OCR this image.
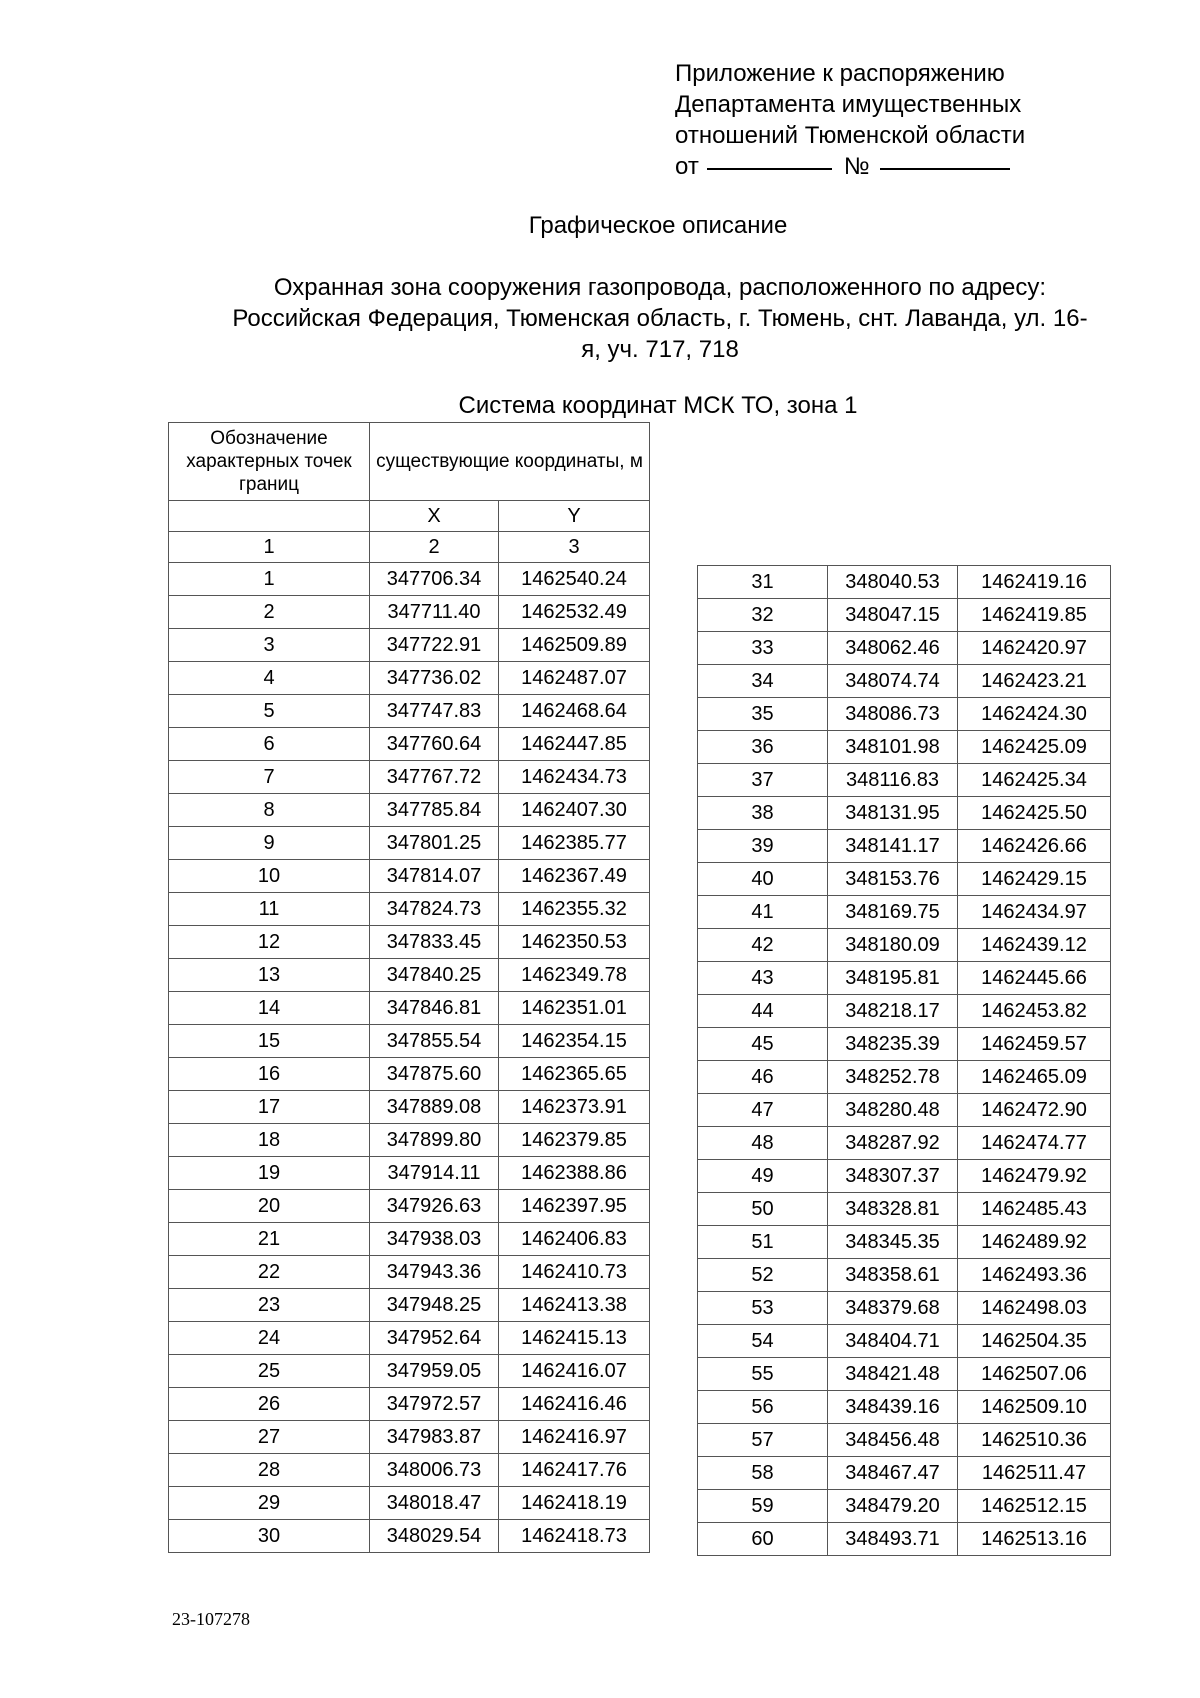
Приложение к распоряжению
Департамента имущественных
отношений Тюменской области
от	№
Графическое описание
Охранная зона сооружения газопровода, расположенного по адресу:
Российская Федерация, Тюменская область, г. Тюмень, снт. Лаванда, ул. 16-
я, уч. 717, 718
Система координат МСК ТО, зона 1
Обозначение характерных точек границ	существующие координаты, м	
	X	Y
1	2	3
1	347706.34	1462540.24
2	347711.40	1462532.49
3	347722.91	1462509.89
4	347736.02	1462487.07
5	347747.83	1462468.64
6	347760.64	1462447.85
7	347767.72	1462434.73
8	347785.84	1462407.30
9	347801.25	1462385.77
10	347814.07	1462367.49
11	347824.73	1462355.32
12	347833.45	1462350.53
13	347840.25	1462349.78
14	347846.81	1462351.01
15	347855.54	1462354.15
16	347875.60	1462365.65
17	347889.08	1462373.91
18	347899.80	1462379.85
19	347914.11	1462388.86
20	347926.63	1462397.95
21	347938.03	1462406.83
22	347943.36	1462410.73
23	347948.25	1462413.38
24	347952.64	1462415.13
25	347959.05	1462416.07
26	347972.57	1462416.46
27	347983.87	1462416.97
28	348006.73	1462417.76
29	348018.47	1462418.19
30	348029.54	1462418.73
31	348040.53	1462419.16
32	348047.15	1462419.85
33	348062.46	1462420.97
34	348074.74	1462423.21
35	348086.73	1462424.30
36	348101.98	1462425.09
37	348116.83	1462425.34
38	348131.95	1462425.50
39	348141.17	1462426.66
40	348153.76	1462429.15
41	348169.75	1462434.97
42	348180.09	1462439.12
43	348195.81	1462445.66
44	348218.17	1462453.82
45	348235.39	1462459.57
46	348252.78	1462465.09
47	348280.48	1462472.90
48	348287.92	1462474.77
49	348307.37	1462479.92
50	348328.81	1462485.43
51	348345.35	1462489.92
52	348358.61	1462493.36
53	348379.68	1462498.03
54	348404.71	1462504.35
55	348421.48	1462507.06
56	348439.16	1462509.10
57	348456.48	1462510.36
58	348467.47	1462511.47
59	348479.20	1462512.15
60	348493.71	1462513.16
23-107278
